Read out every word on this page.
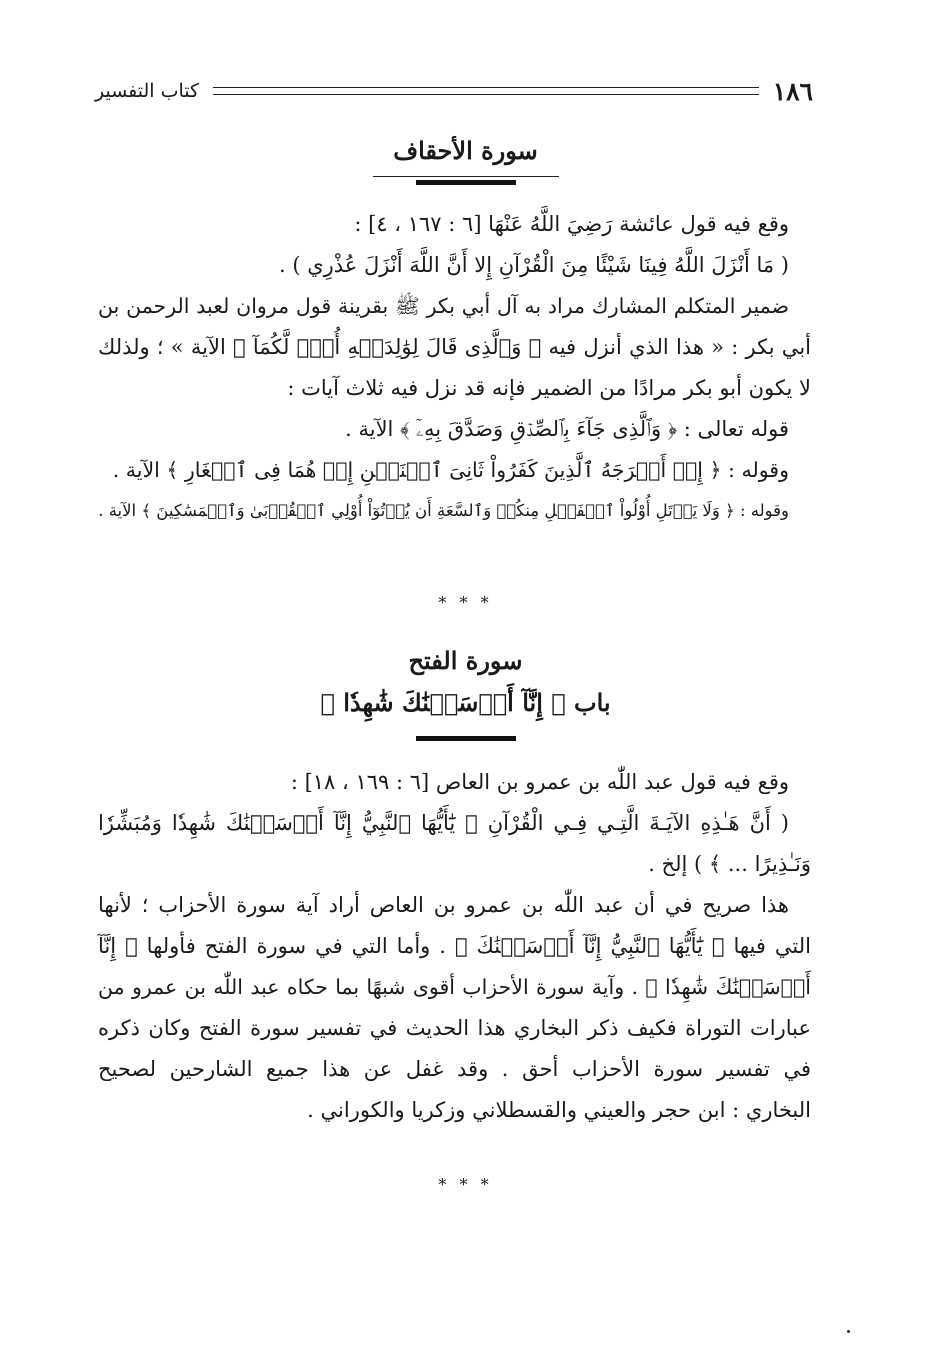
١٨٦
كتاب التفسير
سورة الأحقاف
وقع فيه قول عائشة رَضِيَ اللَّهُ عَنْهَا [٦ : ١٦٧ ، ٤] :
( مَا أَنْزَلَ اللَّهُ فِينَا شَيْئًا مِنَ الْقُرْآنِ إِلا أَنَّ اللَّهَ أَنْزَلَ عُذْرِي ) .
ضمير المتكلم المشارك مراد به آل أبي بكر ﷺ بقرينة قول مروان لعبد الرحمن بن
أبي بكر : « هذا الذي أنزل فيه ﴿ وَٱلَّذِى قَالَ لِوَٰلِدَيۡهِ أُفّٖ لَّكُمَآ ﴾ الآية » ؛ ولذلك
لا يكون أبو بكر مرادًا من الضمير فإنه قد نزل فيه ثلاث آيات :
قوله تعالى : ﴿ وَٱلَّذِى جَآءَ بِٱلصِّدۡقِ وَصَدَّقَ بِهِۦٓ ﴾ الآية .
وقوله : ﴿ إِذۡ أَخۡرَجَهُ ٱلَّذِينَ كَفَرُواْ ثَانِىَ ٱثۡنَيۡنِ إِذۡ هُمَا فِى ٱلۡغَارِ ﴾ الآية .
وقوله : ﴿ وَلَا يَأۡتَلِ أُوْلُواْ ٱلۡفَضۡلِ مِنكُمۡ وَٱلسَّعَةِ أَن يُؤۡتُوٓاْ أُوْلِي ٱلۡقُرۡبَىٰ وَٱلۡمَسَٰكِينَ ﴾ الآية .
* * *
سورة الفتح
باب ﴿ إِنَّآ أَرۡسَلۡنَٰكَ شَٰهِدٗا ﴾
وقع فيه قول عبد اللّٰه بن عمرو بن العاص [٦ : ١٦٩ ، ١٨] :
( أَنَّ هَـٰذِهِ الآيَـةَ الَّتِـي فِـي الْقُرْآنِ ﴿ يَٰٓأَيُّهَا ٱلنَّبِيُّ إِنَّآ أَرۡسَلۡنَٰكَ شَٰهِدٗا وَمُبَشِّرٗا
وَنَـٰذِيرًا ... ﴾ ) إلخ .
هذا صريح في أن عبد اللّٰه بن عمرو بن العاص أراد آية سورة الأحزاب ؛ لأنها
التي فيها ﴿ يَٰٓأَيُّهَا ٱلنَّبِيُّ إِنَّآ أَرۡسَلۡنَٰكَ ﴾ . وأما التي في سورة الفتح فأولها ﴿ إِنَّآ
أَرۡسَلۡنَٰكَ شَٰهِدٗا ﴾ . وآية سورة الأحزاب أقوى شبهًا بما حكاه عبد اللّٰه بن عمرو من
عبارات التوراة فكيف ذكر البخاري هذا الحديث في تفسير سورة الفتح وكان ذكره
في تفسير سورة الأحزاب أحق . وقد غفل عن هذا جميع الشارحين لصحيح
البخاري : ابن حجر والعيني والقسطلاني وزكريا والكوراني .
* * *
